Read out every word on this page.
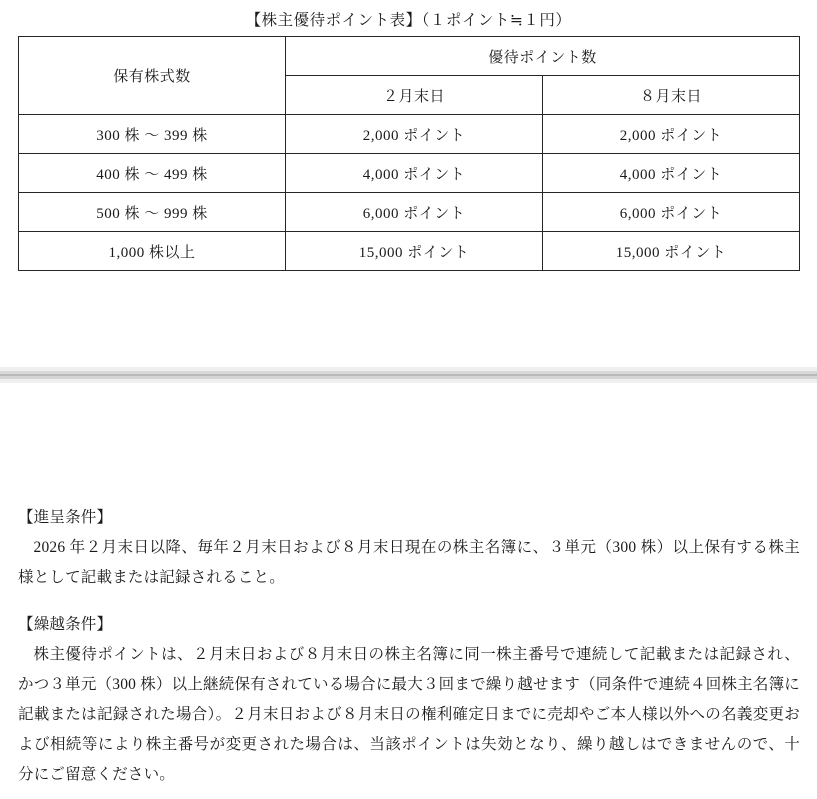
【株主優待ポイント表】（１ポイント≒１円）
保有株式数	優待ポイント数	
	２月末日	８月末日
300 株 〜 399 株	2,000 ポイント	2,000 ポイント
400 株 〜 499 株	4,000 ポイント	4,000 ポイント
500 株 〜 999 株	6,000 ポイント	6,000 ポイント
1,000 株以上	15,000 ポイント	15,000 ポイント

【進呈条件】

2026 年２月末日以降、毎年２月末日および８月末日現在の株主名簿に、３単元（300 株）以上保有する株主様として記載または記録されること。

【繰越条件】

株主優待ポイントは、２月末日および８月末日の株主名簿に同一株主番号で連続して記載または記録され、かつ３単元（300 株）以上継続保有されている場合に最大３回まで繰り越せます（同条件で連続４回株主名簿に記載または記録された場合）。２月末日および８月末日の権利確定日までに売却やご本人様以外への名義変更および相続等により株主番号が変更された場合は、当該ポイントは失効となり、繰り越しはできませんので、十分にご留意ください。
